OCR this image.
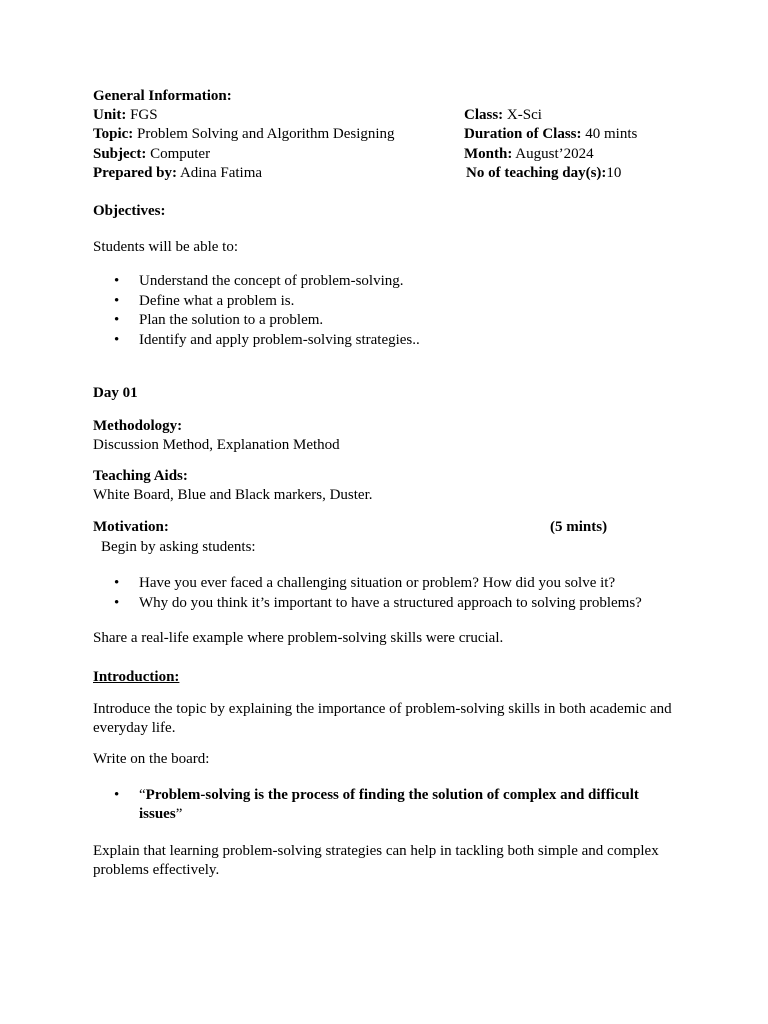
General Information:
Unit: FGS
Topic: Problem Solving and Algorithm Designing
Subject: Computer
Prepared by: Adina Fatima
Class: X-Sci
Duration of Class: 40 mints
Month: August’2024
No of teaching day(s):10
Objectives:
Students will be able to:
• Understand the concept of problem-solving.
• Define what a problem is.
• Plan the solution to a problem.
• Identify and apply problem-solving strategies..
Day 01
Methodology:
Discussion Method, Explanation Method
Teaching Aids:
White Board, Blue and Black markers, Duster.
Motivation:	(5 mints)
Begin by asking students:
• Have you ever faced a challenging situation or problem? How did you solve it?
• Why do you think it’s important to have a structured approach to solving problems?
Share a real-life example where problem-solving skills were crucial.
Introduction:
Introduce the topic by explaining the importance of problem-solving skills in both academic and everyday life.
Write on the board:
• “Problem-solving is the process of finding the solution of complex and difficult issues”
Explain that learning problem-solving strategies can help in tackling both simple and complex problems effectively.
